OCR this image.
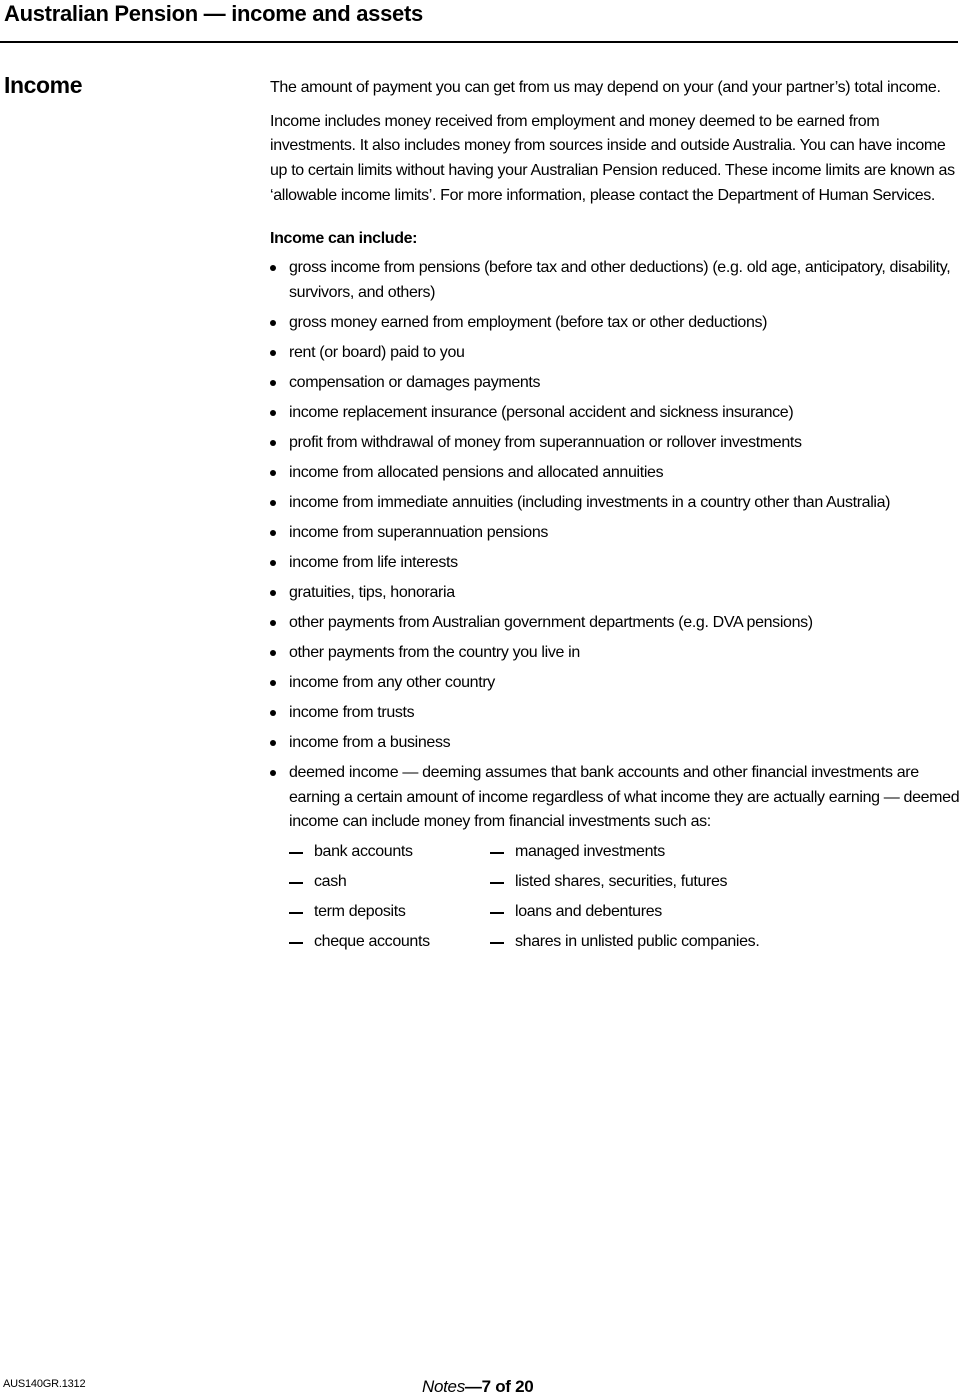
Australian Pension — income and assets
Income	The amount of payment you can get from us may depend on your (and your partner’s) total income.

Income includes money received from employment and money deemed to be earned from investments. It also includes money from sources inside and outside Australia. You can have income up to certain limits without having your Australian Pension reduced. These income limits are known as ‘allowable income limits’. For more information, please contact the Department of Human Services.

Income can include:

gross income from pensions (before tax and other deductions) (e.g. old age, anticipatory, disability, survivors, and others)
gross money earned from employment (before tax or other deductions)
rent (or board) paid to you
compensation or damages payments
income replacement insurance (personal accident and sickness insurance)
profit from withdrawal of money from superannuation or rollover investments
income from allocated pensions and allocated annuities
income from immediate annuities (including investments in a country other than Australia)
income from superannuation pensions
income from life interests
gratuities, tips, honoraria
other payments from Australian government departments (e.g. DVA pensions)
other payments from the country you live in
income from any other country
income from trusts
income from a business
deemed income — deeming assumes that bank accounts and other financial investments are earning a certain amount of income regardless of what income they are actually earning — deemed income can include money from financial investments such as:
bank accounts	managed investments
cash	listed shares, securities, futures
term deposits	loans and debentures
cheque accounts	shares in unlisted public companies.
AUS140GR.1312	Notes—7 of 20
